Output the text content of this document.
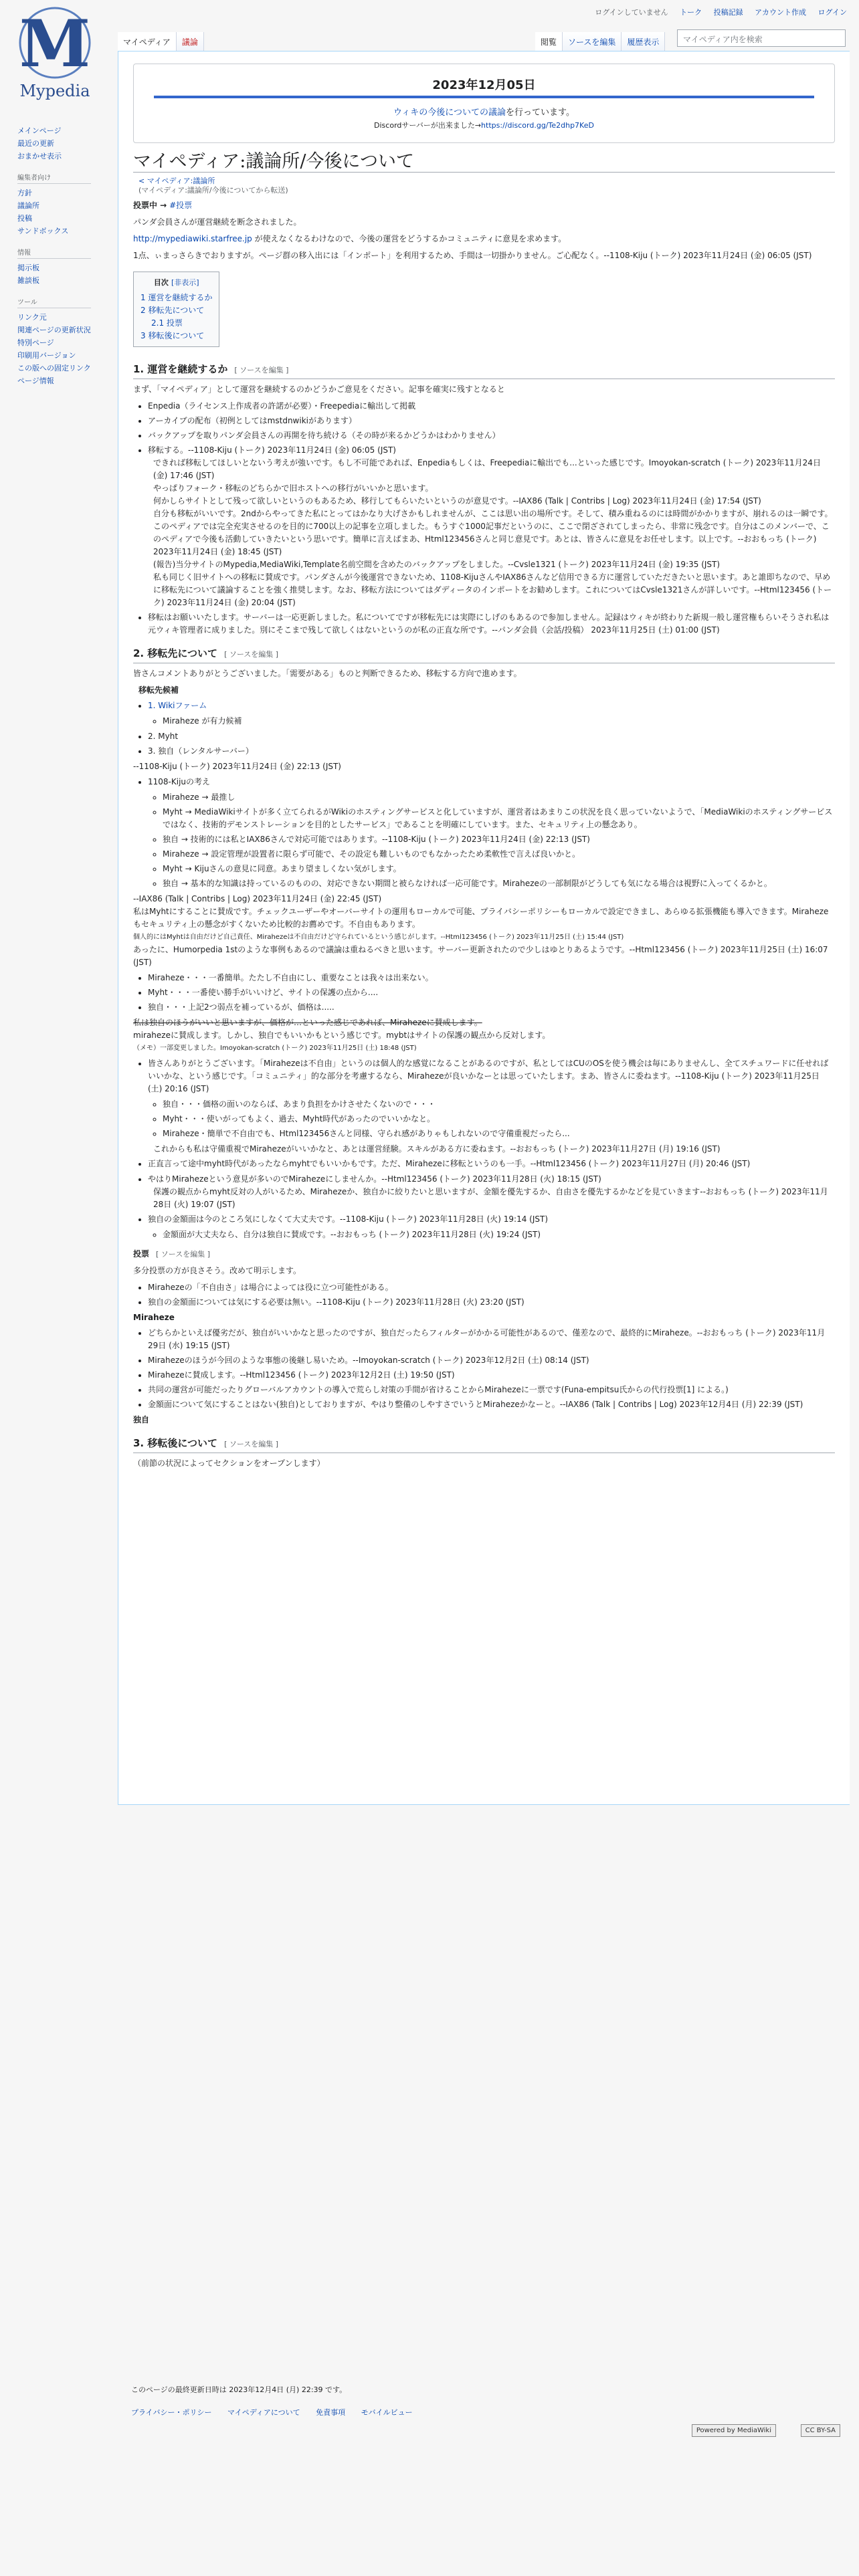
M
Mypedia
ログインしていません トーク 投稿記録 アカウント作成 ログイン
マイペディア	議論	閲覧	ソースを編集	履歴表示	マイペディア内を検索
メインページ
最近の更新
おまかせ表示
編集者向け
方針
議論所
投稿
サンドボックス
情報
掲示板
雑談板
ツール
リンク元
関連ページの更新状況
特別ページ
印刷用バージョン
この版への固定リンク
ページ情報
2023年12月05日
ウィキの今後についての議論を行っています。
Discordサーバーが出来ました→https://discord.gg/Te2dhp7KeD
マイペディア:議論所/今後について
< マイペディア:議論所
(マイペディア:議論所/今後についてから転送)

投票中 → #投票

パンダ会員さんが運営継続を断念されました。

http://mypediawiki.starfree.jp が使えなくなるわけなので、今後の運営をどうするかコミュニティに意見を求めます。

1点、ぃまっさらきでおりますが。ページ群の移入出には「インポート」を利用するため、手間は一切掛かりません。ご心配なく。--1108-Kiju (トーク) 2023年11月24日 (金) 06:05 (JST)

目次 [非表示]
1 運営を継続するか
2 移転先について
2.1 投票
3 移転後について
1. 運営を継続するか [ ソースを編集 ]

まず、「マイペディア」として運営を継続するのかどうかご意見をください。記事を確実に残すとなると

• Enpedia（ライセンス上作成者の許諾が必要）・Freepediaに輸出して掲載
• アーカイブの配布（初例としてはmstdnwikiがあります）
• バックアップを取りパンダ会員さんの再開を待ち続ける（その時が来るかどうかはわかりません）
• 移転する。--1108-Kiju (トーク) 2023年11月24日 (金) 06:05 (JST)
できれば移転してほしいとないう考えが強いです。もし不可能であれば、Enpediaもしくは、Freepediaに輸出でも...といった感じです。Imoyokan-scratch (トーク) 2023年11月24日 (金) 17:46 (JST)
やっぱりフォーク・移転のどちらかで旧ホストへの移行がいいかと思います。
何かしらサイトとして残って欲しいというのもあるため、移行してもらいたいというのが意見です。--IAX86 (Talk | Contribs | Log) 2023年11月24日 (金) 17:54 (JST)
自分も移転がいいです。2ndからやってきた私にとってはかなり大げさかもしれませんが、ここは思い出の場所です。そして、積み重ねるのには時間がかかりますが、崩れるのは一瞬です。このペディアでは完全充実させるのを目的に700以上の記事を立項しました。もうすぐ1000記事だというのに、ここで閉ざされてしまったら、非常に残念です。自分はこのメンバーで、このペディアで今後も活動していきたいという思いです。簡単に言えばまあ、Html123456さんと同じ意見です。あとは、皆さんに意見をお任せします。以上です。--おおもっち (トーク) 2023年11月24日 (金) 18:45 (JST)
(報告)当分サイトのMypedia,MediaWiki,Template名前空間を含めたのバックアップをしました。--Cvsle1321 (トーク) 2023年11月24日 (金) 19:35 (JST)
私も同じく旧サイトへの移転に賛成です。パンダさんが今後運営できないため、1108-KijuさんやIAX86さんなど信用できる方に運営していただきたいと思います。あと誰即ちなので、早めに移転先について議論することを強く推奨します。なお、移転方法についてはダディータのインポートをお勧めします。これについてはCvsle1321さんが詳しいです。--Html123456 (トーク) 2023年11月24日 (金) 20:04 (JST)
• 移転はお願いいたします。サーバーは一応更新しました。私についてですが移転先には実際にしげのもあるので参加しません。記録はウィキが終わりた新規一般し運営権もらいそうされ私は元ウィキ管理者に成りました。別にそこまで残して欲しくはないというのが私の正直な所です。--パンダ会員（会話/投稿） 2023年11月25日 (土) 01:00 (JST)
2. 移転先について [ ソースを編集 ]

皆さんコメントありがとうございました。「需要がある」ものと判断できるため、移転する方向で進めます。

移転先候補
• 1. Wikiファーム
◦ Miraheze が有力候補
• 2. Myht
• 3. 独自（レンタルサーバー）
--1108-Kiju (トーク) 2023年11月24日 (金) 22:13 (JST)
• 1108-Kijuの考え
◦ Miraheze → 最推し
◦ Myht → MediaWikiサイトが多く立てられるがWikiのホスティングサービスと化していますが、運営者はあまりこの状況を良く思っていないようで、「MediaWikiのホスティングサービスではなく、技術的デモンストレーションを目的としたサービス」であることを明確にしています。また、セキュリティ上の懸念あり。
◦ 独自 → 技術的には私とIAX86さんで対応可能ではあります。--1108-Kiju (トーク) 2023年11月24日 (金) 22:13 (JST)
◦ Miraheze → 設定管理が設置者に限らず可能で、その設定も難しいものでもなかったため柔軟性で言えば良いかと。
◦ Myht → Kijuさんの意見に同意。あまり望ましくない気がします。
◦ 独自 → 基本的な知識は持っているのものの、対応できない期間と被らなければ一応可能です。Mirahezeの一部制限がどうしても気になる場合は視野に入ってくるかと。
--IAX86 (Talk | Contribs | Log) 2023年11月24日 (金) 22:45 (JST)
私はMyhtにすることに賛成です。チェックユーザーやオーバーサイトの運用もローカルで可能、プライバシーポリシーもローカルで設定できまし、あらゆる拡張機能も導入できます。Mirahezeもセキュリティ上の懸念がすくないため比較的お薦めです。不自由もあります。
個人的にはMyhtは自由だけど自己責任、Mirahezeは不自由だけど守られているという感じがします。--Html123456 (トーク) 2023年11月25日 (土) 15:44 (JST)
あったに、Humorpedia 1stのような事例もあるので議論は重ねるべきと思います。サーバー更新されたので少しはゆとりあるようです。--Html123456 (トーク) 2023年11月25日 (土) 16:07 (JST)
• Miraheze・・・一番簡単。たたし不自由にし、重要なことは我々は出来ない。
• Myht・・・一番使い勝手がいいけど、サイトの保護の点から....
• 独自・・・上記2つ弱点を補っているが、価格は.....
私は独自のほうがいいと思いますが、価格が…といった感じであれば、Mirahezeに賛成します。
mirahezeに賛成します。しかし、独自でもいいかもという感じです。mybtはサイトの保護の観点から反対します。
（メモ）一部変更しました。Imoyokan-scratch (トーク) 2023年11月25日 (土) 18:48 (JST)
• 皆さんありがとうございます。「Mirahezeは不自由」というのは個人的な感覚になることがあるのですが、私としてはCUのOSを使う機会は毎にありませんし、全てスチュワードに任せればいいかな、という感じです。「コミュニティ」的な部分を考慮するなら、Mirahezeが良いかなーとは思っていたします。まあ、皆さんに委ねます。--1108-Kiju (トーク) 2023年11月25日 (土) 20:16 (JST)
◦ 独自・・・価格の面いのならば、あまり負担をかけさせたくないので・・・
◦ Myht・・・使いがってもよく、過去、Myht時代があったのでいいかなと。
◦ Miraheze・簡単で不自由でも、Html123456さんと同様、守られ感がありゃもしれないので守備重視だったら...
これからも私は守備重視でMirahezeがいいかなと、あとは運営経験。スキルがある方に委ねます。--おおもっち (トーク) 2023年11月27日 (月) 19:16 (JST)
• 正直言って途中myht時代があったならmyhtでもいいかもです。ただ、Mirahezeに移転というのも一手。--Html123456 (トーク) 2023年11月27日 (月) 20:46 (JST)
• やはりMirahezeという意見が多いのでMirahezeにしませんか。--Html123456 (トーク) 2023年11月28日 (火) 18:15 (JST)
保護の観点からmyht反対の人がいるため、Mirahezeか、独自かに絞りたいと思いますが、金額を優先するか、自由さを優先するかなどを見ていきます--おおもっち (トーク) 2023年11月28日 (火) 19:07 (JST)
• 独自の金額面は今のところ気にしなくて大丈夫です。--1108-Kiju (トーク) 2023年11月28日 (火) 19:14 (JST)
◦ 金額面が大丈夫なら、自分は独自に賛成です。--おおもっち (トーク) 2023年11月28日 (火) 19:24 (JST)
投票 [ ソースを編集 ]

多分投票の方が良さそう。改めて明示します。

• Mirahezeの「不自由さ」は場合によっては役に立つ可能性がある。
• 独自の金額面については気にする必要は無い。--1108-Kiju (トーク) 2023年11月28日 (火) 23:20 (JST)
Miraheze
• どちらかといえば優劣だが、独自がいいかなと思ったのですが、独自だったらフィルターがかかる可能性があるので、僅差なので、最終的にMiraheze。--おおもっち (トーク) 2023年11月29日 (水) 19:15 (JST)
• Mirahezeのほうが今回のような事態の後継し易いため。--Imoyokan-scratch (トーク) 2023年12月2日 (土) 08:14 (JST)
• Mirahezeに賛成します。--Html123456 (トーク) 2023年12月2日 (土) 19:50 (JST)
• 共同の運営が可能だったりグローバルアカウントの導入で荒らし対策の手間が省けることからMirahezeに一票です(Funa-empitsu氏からの代行投票[1] による。)
• 金額面について気にすることはない(独自)としておりますが、やはり整備のしやすさでいうとMirahezeかなーと。--IAX86 (Talk | Contribs | Log) 2023年12月4日 (月) 22:39 (JST)
独自
3. 移転後について [ ソースを編集 ]

（前節の状況によってセクションをオープンします）

このページの最終更新日時は 2023年12月4日 (月) 22:39 です。
プライバシー・ポリシー マイペディアについて 免責事項 モバイルビュー
Powered by MediaWiki	CC BY-SA
